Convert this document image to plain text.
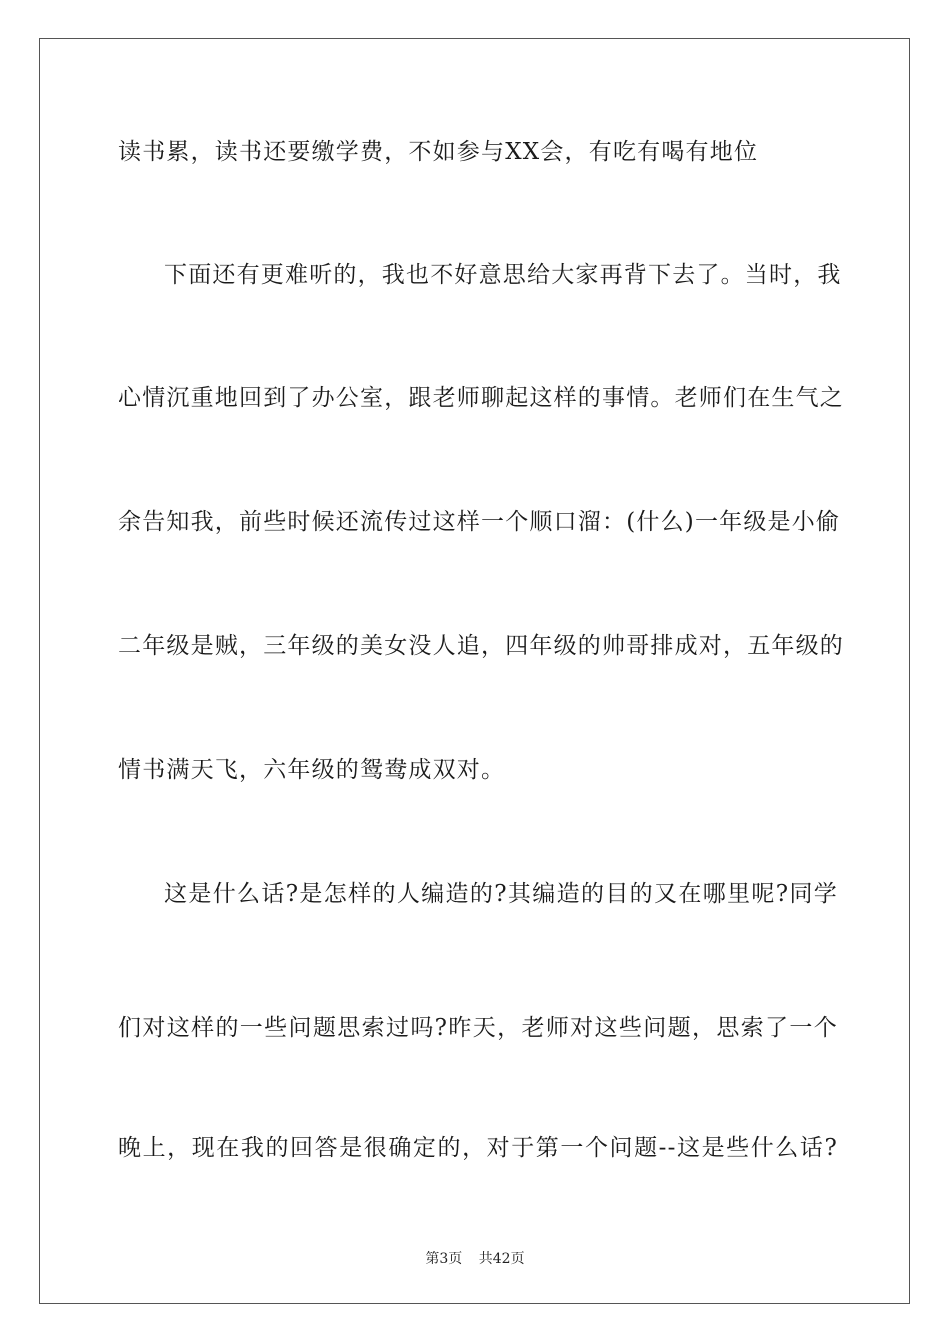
读书累，读书还要缴学费，不如参与XX会，有吃有喝有地位
下面还有更难听的，我也不好意思给大家再背下去了。当时，我
心情沉重地回到了办公室，跟老师聊起这样的事情。老师们在生气之
余告知我，前些时候还流传过这样一个顺口溜：(什么)一年级是小偷
二年级是贼，三年级的美女没人追，四年级的帅哥排成对，五年级的
情书满天飞，六年级的鸳鸯成双对。
这是什么话?是怎样的人编造的?其编造的目的又在哪里呢?同学
们对这样的一些问题思索过吗?昨天，老师对这些问题，思索了一个
晚上，现在我的回答是很确定的，对于第一个问题--这是些什么话?
第3页 共42页
